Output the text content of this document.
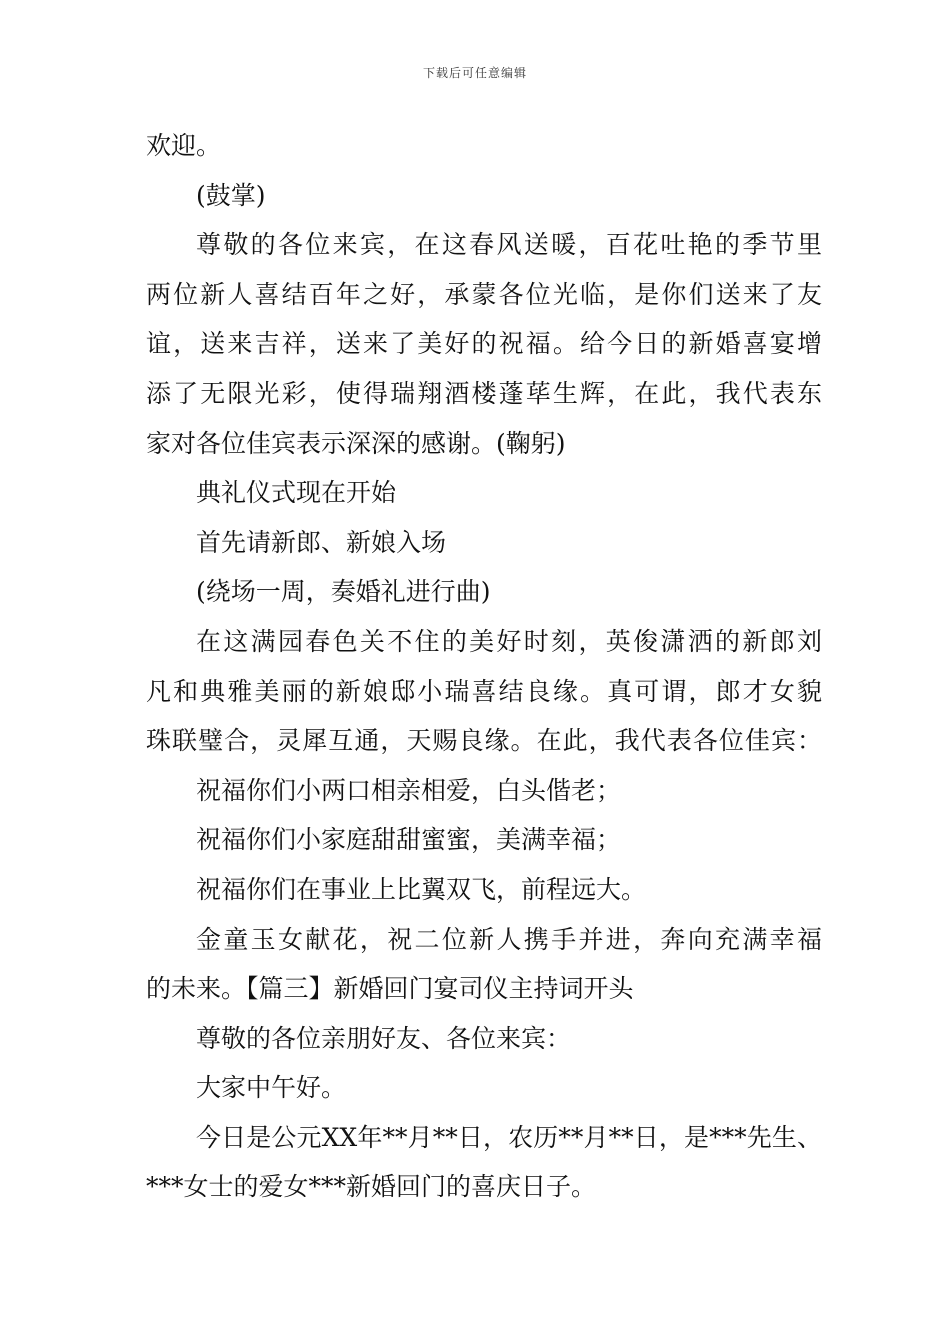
下载后可任意编辑
欢迎。
(鼓掌)
尊敬的各位来宾，在这春风送暖，百花吐艳的季节里
两位新人喜结百年之好，承蒙各位光临，是你们送来了友
谊，送来吉祥，送来了美好的祝福。给今日的新婚喜宴增
添了无限光彩，使得瑞翔酒楼蓬荜生辉，在此，我代表东
家对各位佳宾表示深深的感谢。(鞠躬)
典礼仪式现在开始
首先请新郎、新娘入场
(绕场一周，奏婚礼进行曲)
在这满园春色关不住的美好时刻，英俊潇洒的新郎刘
凡和典雅美丽的新娘邸小瑞喜结良缘。真可谓，郎才女貌
珠联璧合，灵犀互通，天赐良缘。在此，我代表各位佳宾：
祝福你们小两口相亲相爱，白头偕老；
祝福你们小家庭甜甜蜜蜜，美满幸福；
祝福你们在事业上比翼双飞，前程远大。
金童玉女献花，祝二位新人携手并进，奔向充满幸福
的未来。【篇三】新婚回门宴司仪主持词开头
尊敬的各位亲朋好友、各位来宾：
大家中午好。
今日是公元XX年**月**日，农历**月**日，是***先生、
***女士的爱女***新婚回门的喜庆日子。
